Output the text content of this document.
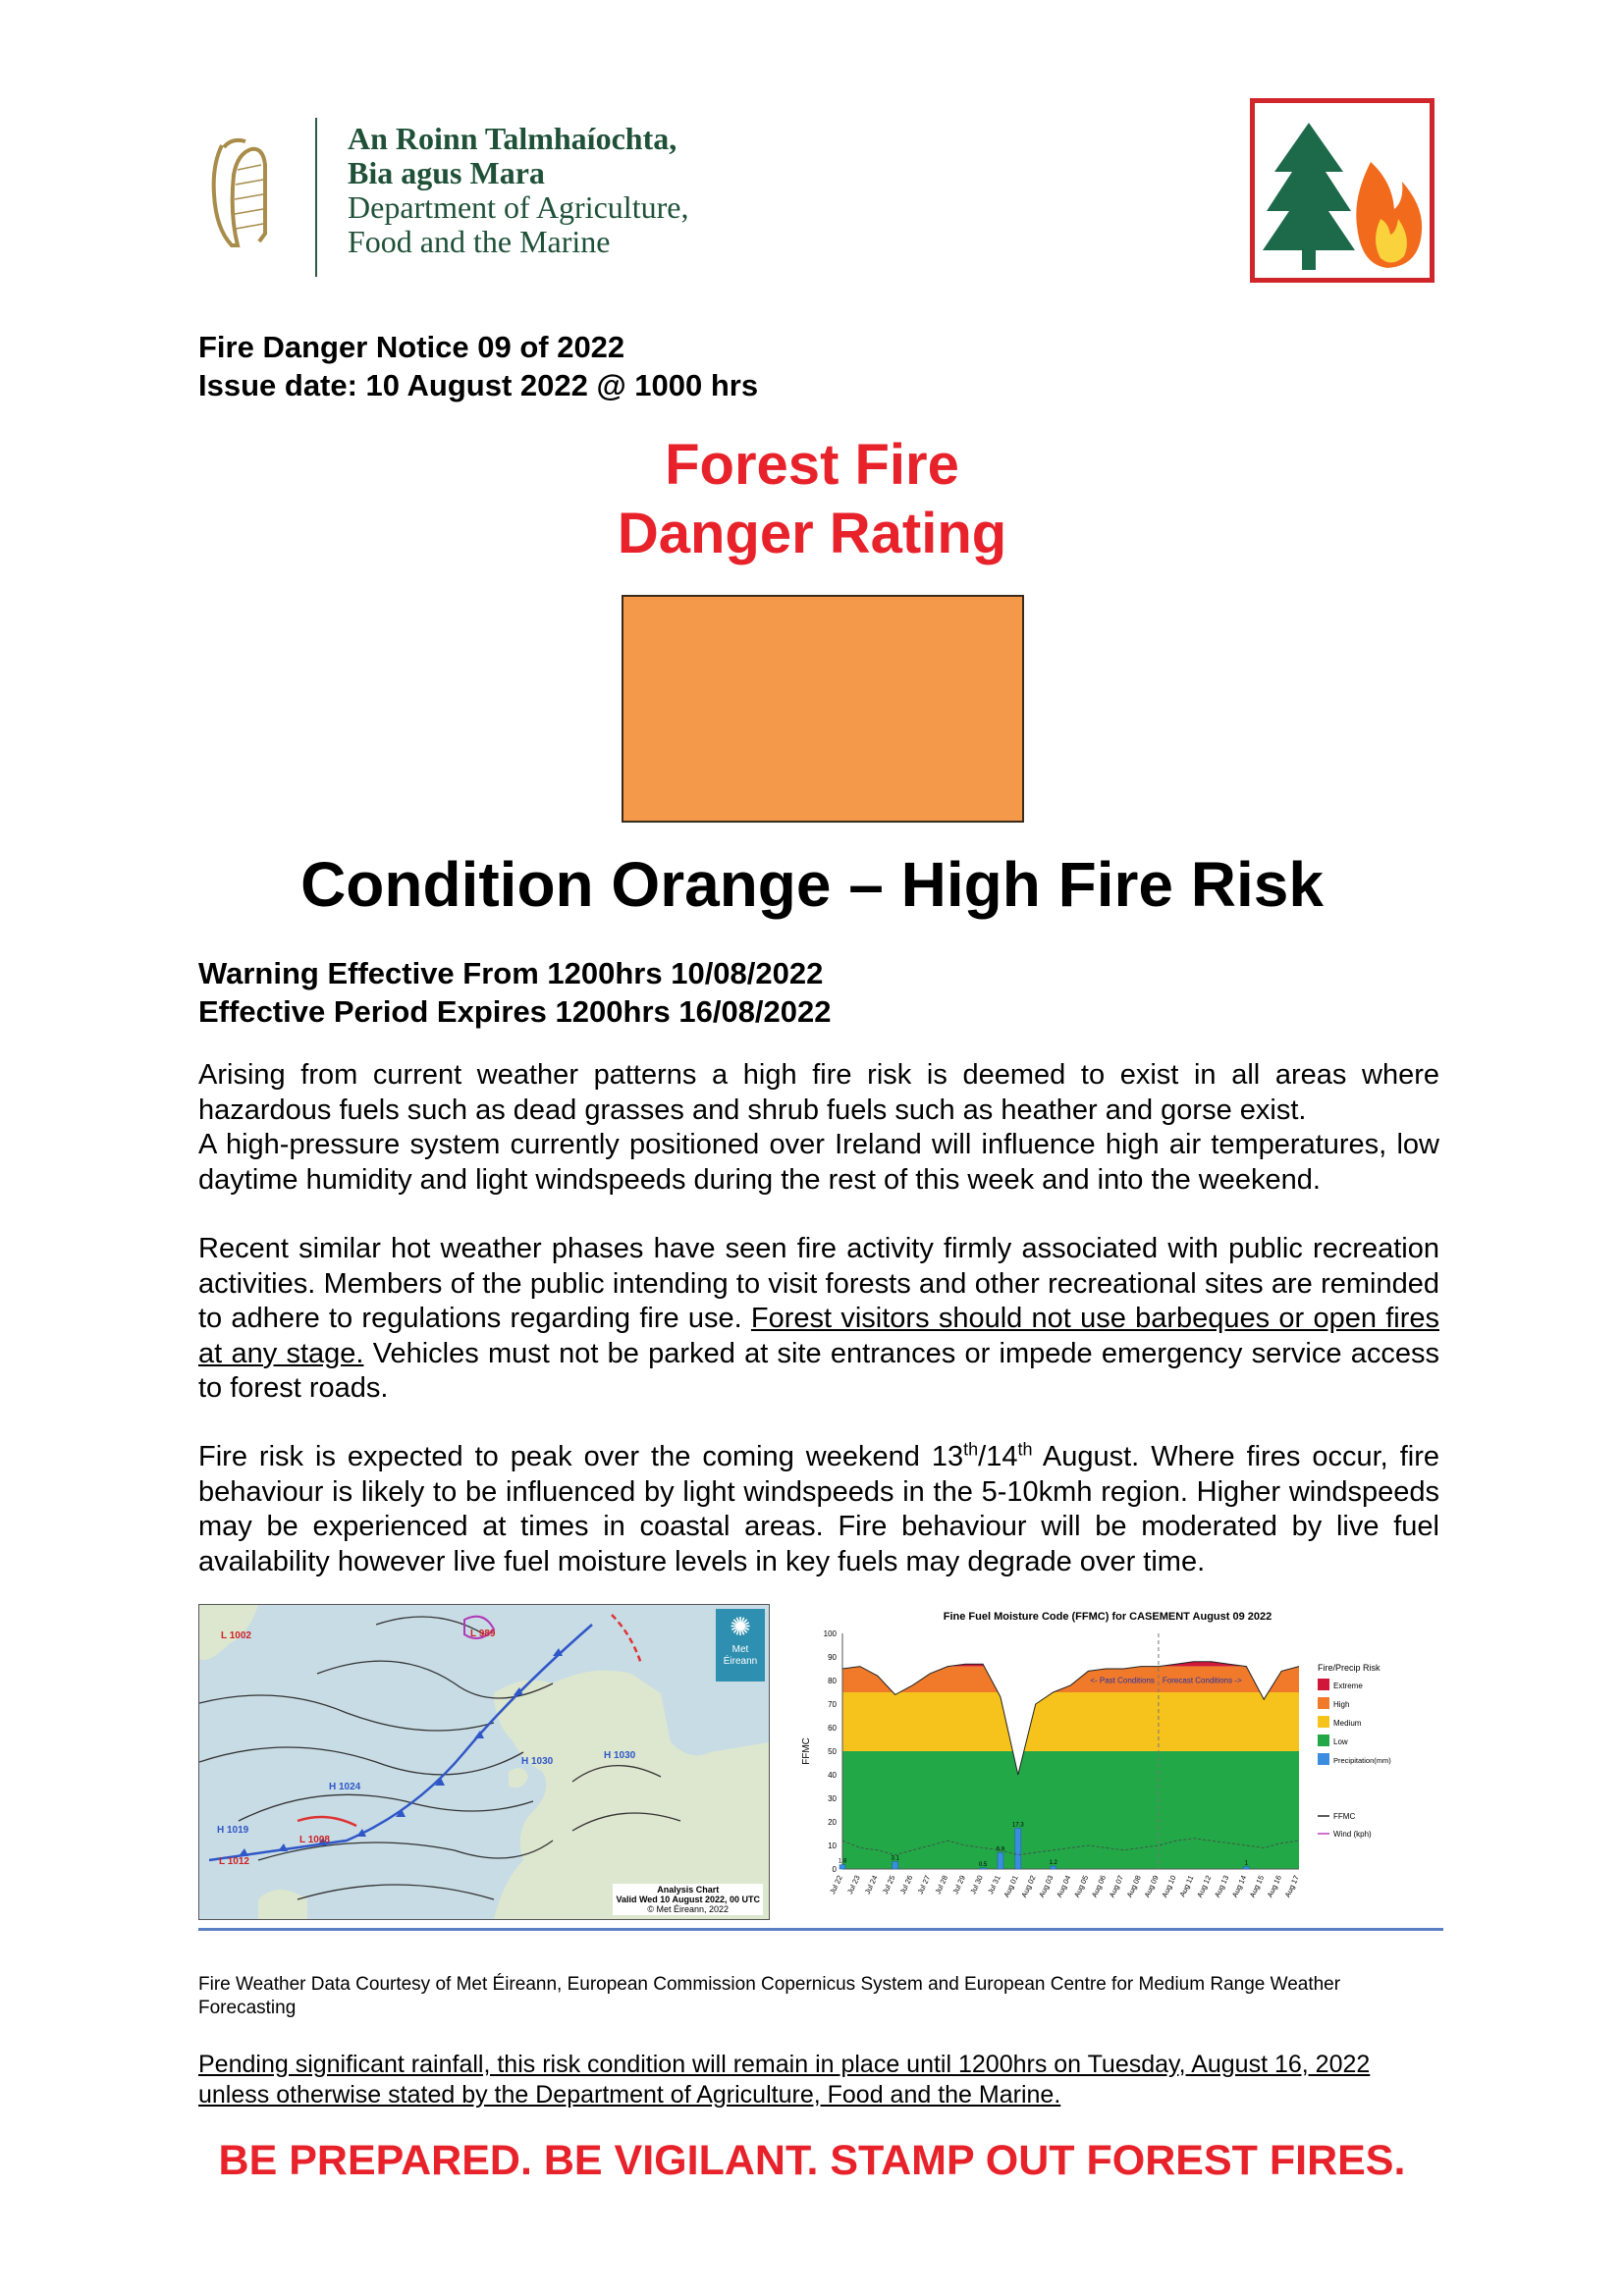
An Roinn Talmhaíochta,
Bia agus Mara
Department of Agriculture,
Food and the Marine
Fire Danger Notice 09 of 2022
Issue date: 10 August 2022 @ 1000 hrs
Forest Fire
Danger Rating
Condition Orange – High Fire Risk
Warning Effective From 1200hrs 10/08/2022
Effective Period Expires 1200hrs 16/08/2022

Arising from current weather patterns a high fire risk is deemed to exist in all areas where hazardous fuels such as dead grasses and shrub fuels such as heather and gorse exist.

A high-pressure system currently positioned over Ireland will influence high air temperatures, low daytime humidity and light windspeeds during the rest of this week and into the weekend.

Recent similar hot weather phases have seen fire activity firmly associated with public recreation activities. Members of the public intending to visit forests and other recreational sites are reminded to adhere to regulations regarding fire use. Forest visitors should not use barbeques or open fires at any stage. Vehicles must not be parked at site entrances or impede emergency service access to forest roads.

Fire risk is expected to peak over the coming weekend 13th/14th August. Where fires occur, fire behaviour is likely to be influenced by light windspeeds in the 5-10kmh region. Higher windspeeds may be experienced at times in coastal areas. Fire behaviour will be moderated by live fuel availability however live fuel moisture levels in key fuels may degrade over time.

✺
Met Éireann
L 1002	L 989
H 1024
H 1019
L 1008
L 1012
H 1030
H 1030
Analysis Chart
Valid Wed 10 August 2022, 00 UTC
© Met Éireann, 2022
Fine Fuel Moisture Code (FFMC) for CASEMENT August 09 2022
0
10
20
30
40
50
60
70
80
90
100
FFMC
Jul 22 Jul 23 Jul 24 Jul 25 Jul 26 Jul 27 Jul 28 Jul 29 Jul 30 Jul 31 Aug 01 Aug 02 Aug 03 Aug 04 Aug 05 Aug 06 Aug 07 Aug 08 Aug 09 Aug 10 Aug 11 Aug 12 Aug 13 Aug 14 Aug 15 Aug 16 Aug 17
1.8
3.1
0.5
6.9
17.3
1.2	1
<- Past Conditions Forecast Conditions ->
Fire/Precip Risk
Extreme
High
Medium
Low
Precipitation(mm)
FFMC
Wind (kph)
Fire Weather Data Courtesy of Met Éireann, European Commission Copernicus System and European Centre for Medium Range Weather Forecasting
Pending significant rainfall, this risk condition will remain in place until 1200hrs on Tuesday, August 16, 2022 unless otherwise stated by the Department of Agriculture, Food and the Marine.
BE PREPARED. BE VIGILANT. STAMP OUT FOREST FIRES.
